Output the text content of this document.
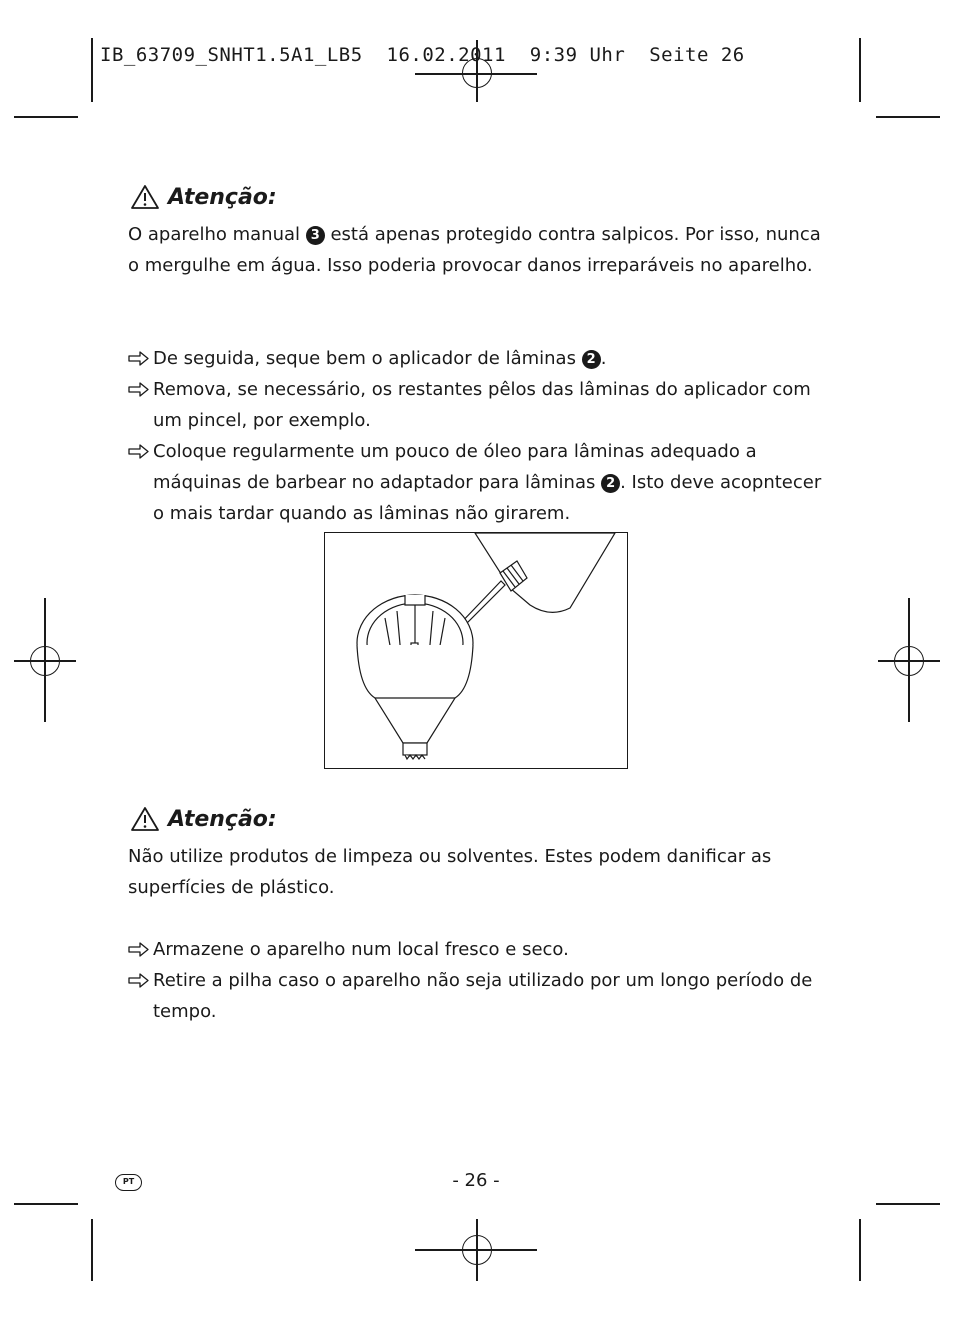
IB_63709_SNHT1.5A1_LB5  16.02.2011  9:39 Uhr  Seite 26
Atenção:
O aparelho manual 3 está apenas protegido contra salpicos. Por isso, nunca o mergulhe em água. Isso poderia provocar danos irreparáveis no aparelho.
De seguida, seque bem o aplicador de lâminas 2 .
Remova, se necessário, os restantes pêlos das lâminas do aplicador com um pincel, por exemplo.
Coloque regularmente um pouco de óleo para lâminas adequado a máquinas de barbear no adaptador para lâminas 2 . Isto deve acopntecer o mais tardar quando as lâminas não girarem.
Atenção:
Não utilize produtos de limpeza ou solventes. Estes podem danificar as superfícies de plástico.
Armazene o aparelho num local fresco e seco.
Retire a pilha caso o aparelho não seja utilizado por um longo período de tempo.
PT	- 26 -
